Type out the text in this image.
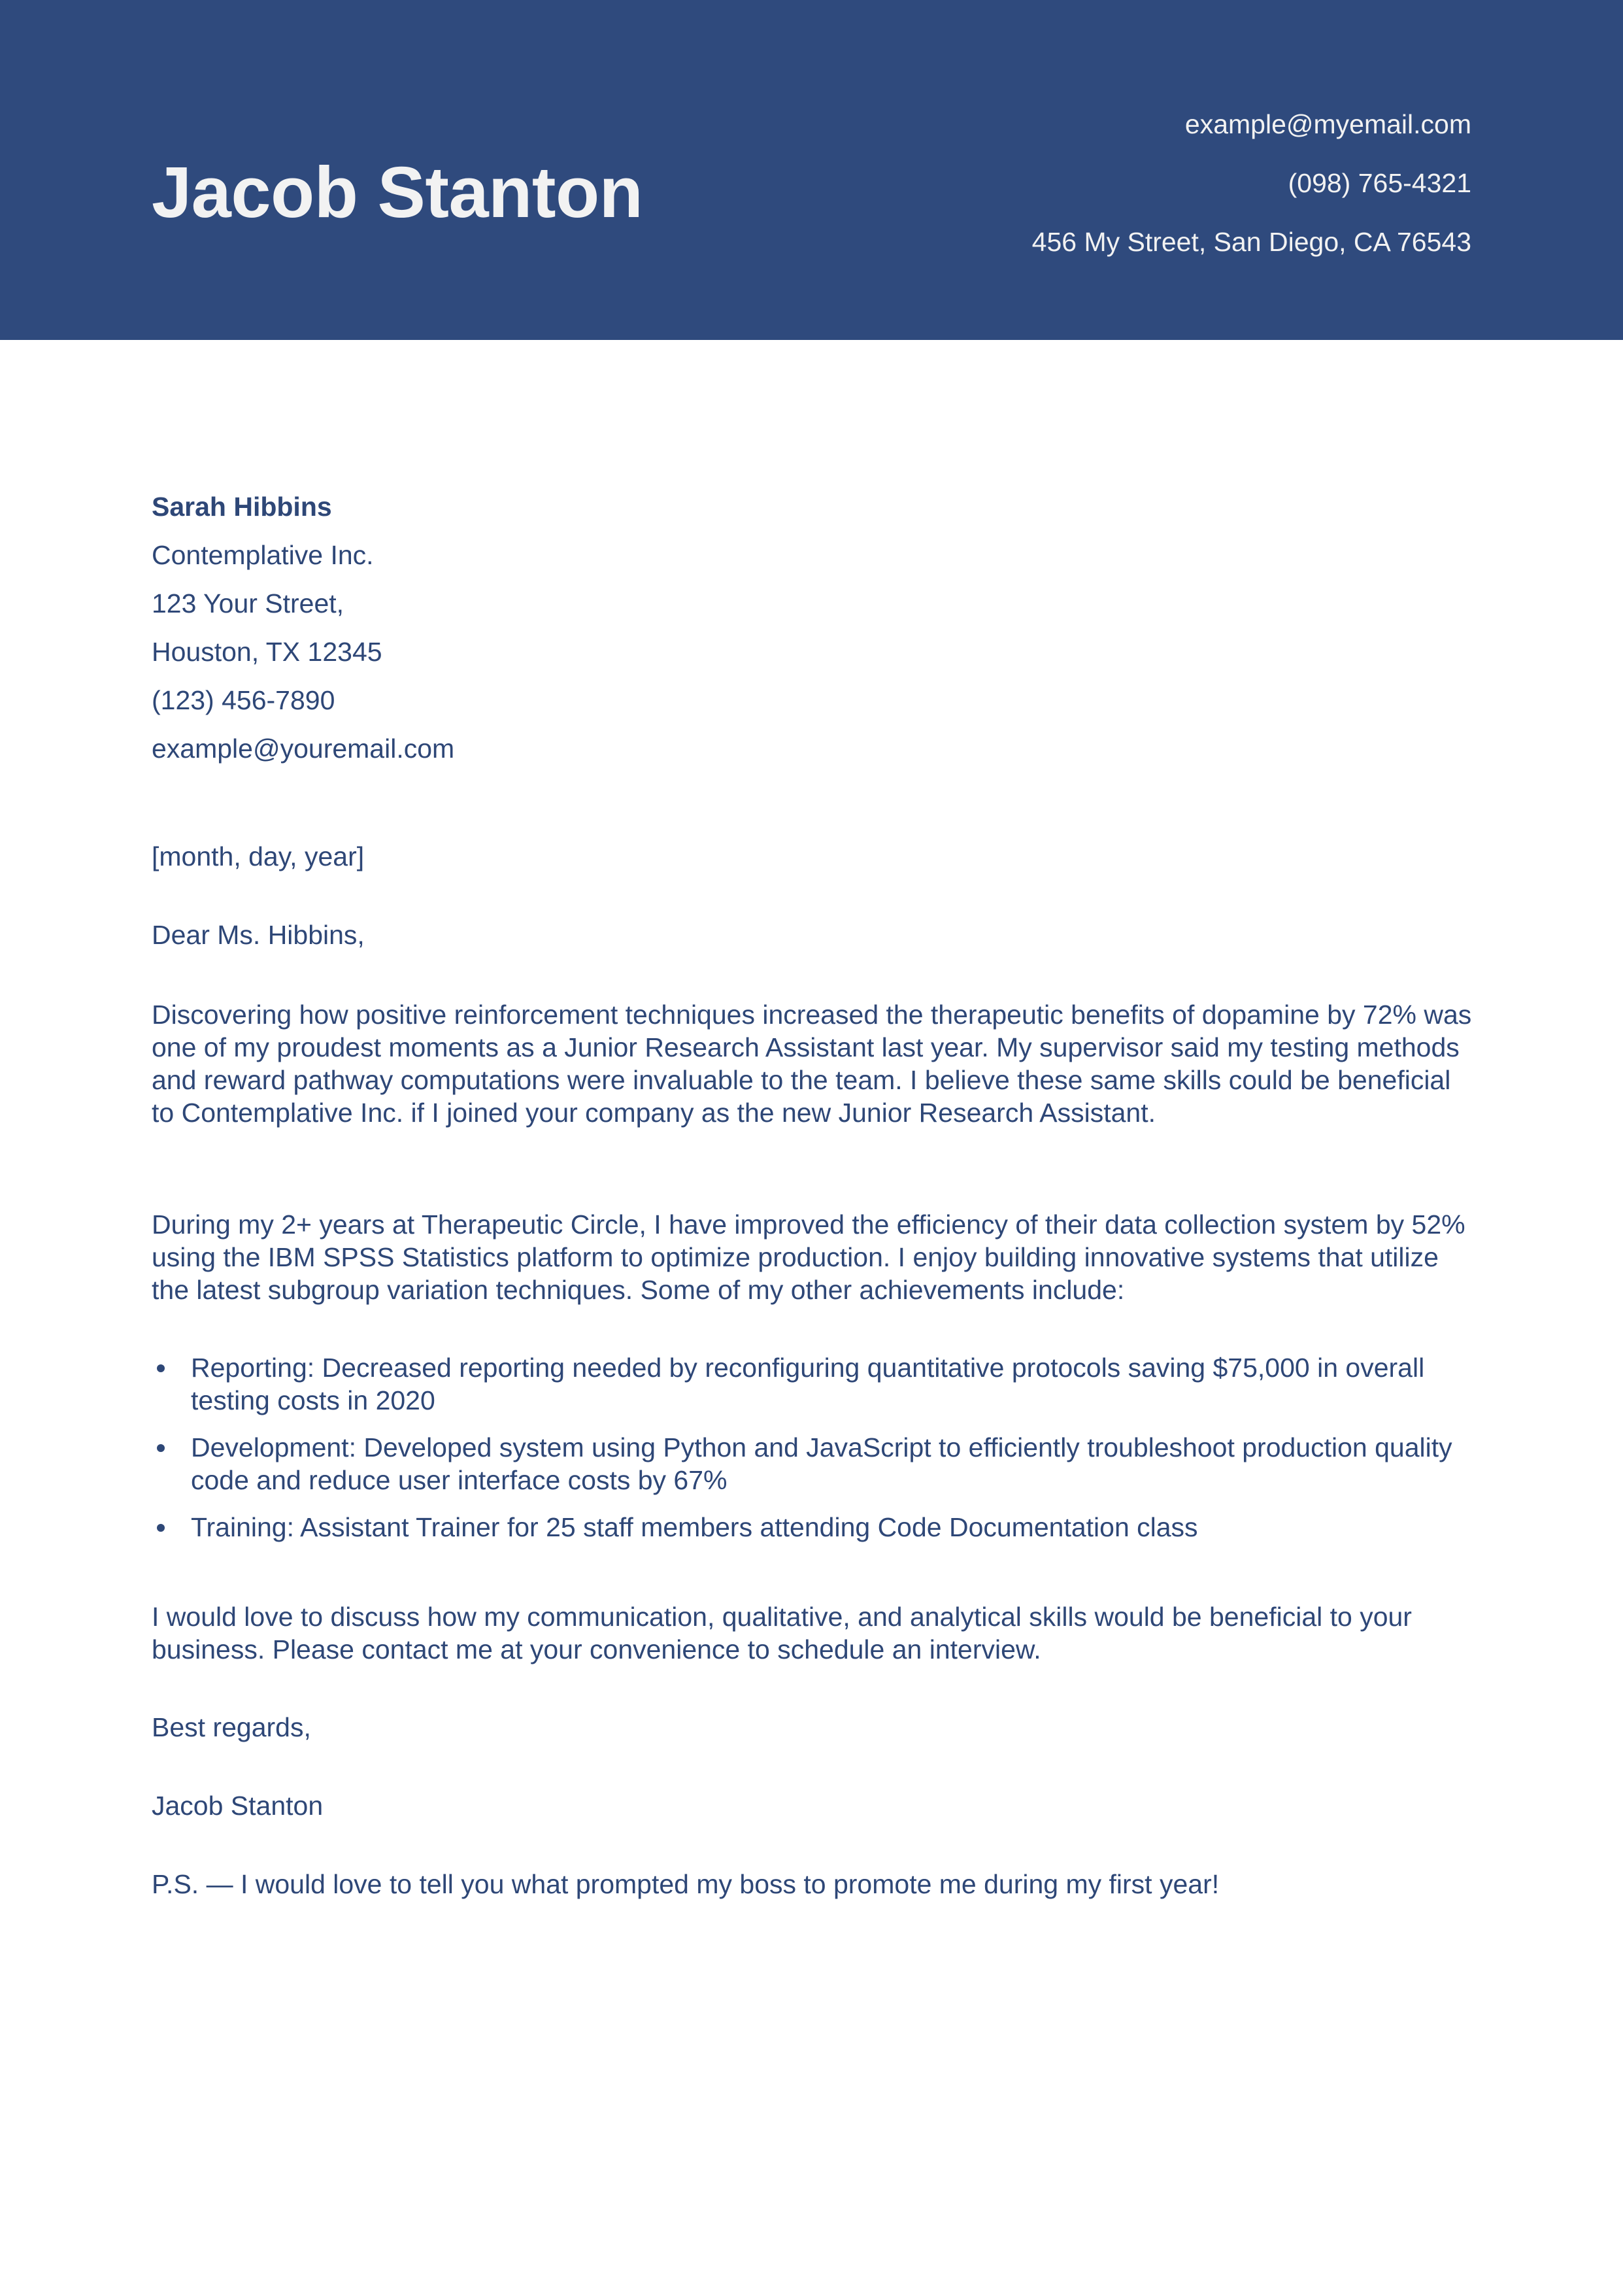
Jacob Stanton
example@myemail.com
(098) 765-4321
456 My Street, San Diego, CA 76543
Sarah Hibbins
Contemplative Inc.
123 Your Street,
Houston, TX 12345
(123) 456-7890
example@youremail.com
[month, day, year]
Dear Ms. Hibbins,

Discovering how positive reinforcement techniques increased the therapeutic benefits of dopamine by 72% was one of my proudest moments as a Junior Research Assistant last year. My supervisor said my testing methods and reward pathway computations were invaluable to the team. I believe these same skills could be beneficial to Contemplative Inc. if I joined your company as the new Junior Research Assistant.

During my 2+ years at Therapeutic Circle, I have improved the efficiency of their data collection system by 52% using the IBM SPSS Statistics platform to optimize production. I enjoy building innovative systems that utilize the latest subgroup variation techniques. Some of my other achievements include:

Reporting: Decreased reporting needed by reconfiguring quantitative protocols saving $75,000 in overall testing costs in 2020
Development: Developed system using Python and JavaScript to efficiently troubleshoot production quality code and reduce user interface costs by 67%
Training: Assistant Trainer for 25 staff members attending Code Documentation class

I would love to discuss how my communication, qualitative, and analytical skills would be beneficial to your business. Please contact me at your convenience to schedule an interview.

Best regards,
Jacob Stanton
P.S. — I would love to tell you what prompted my boss to promote me during my first year!
